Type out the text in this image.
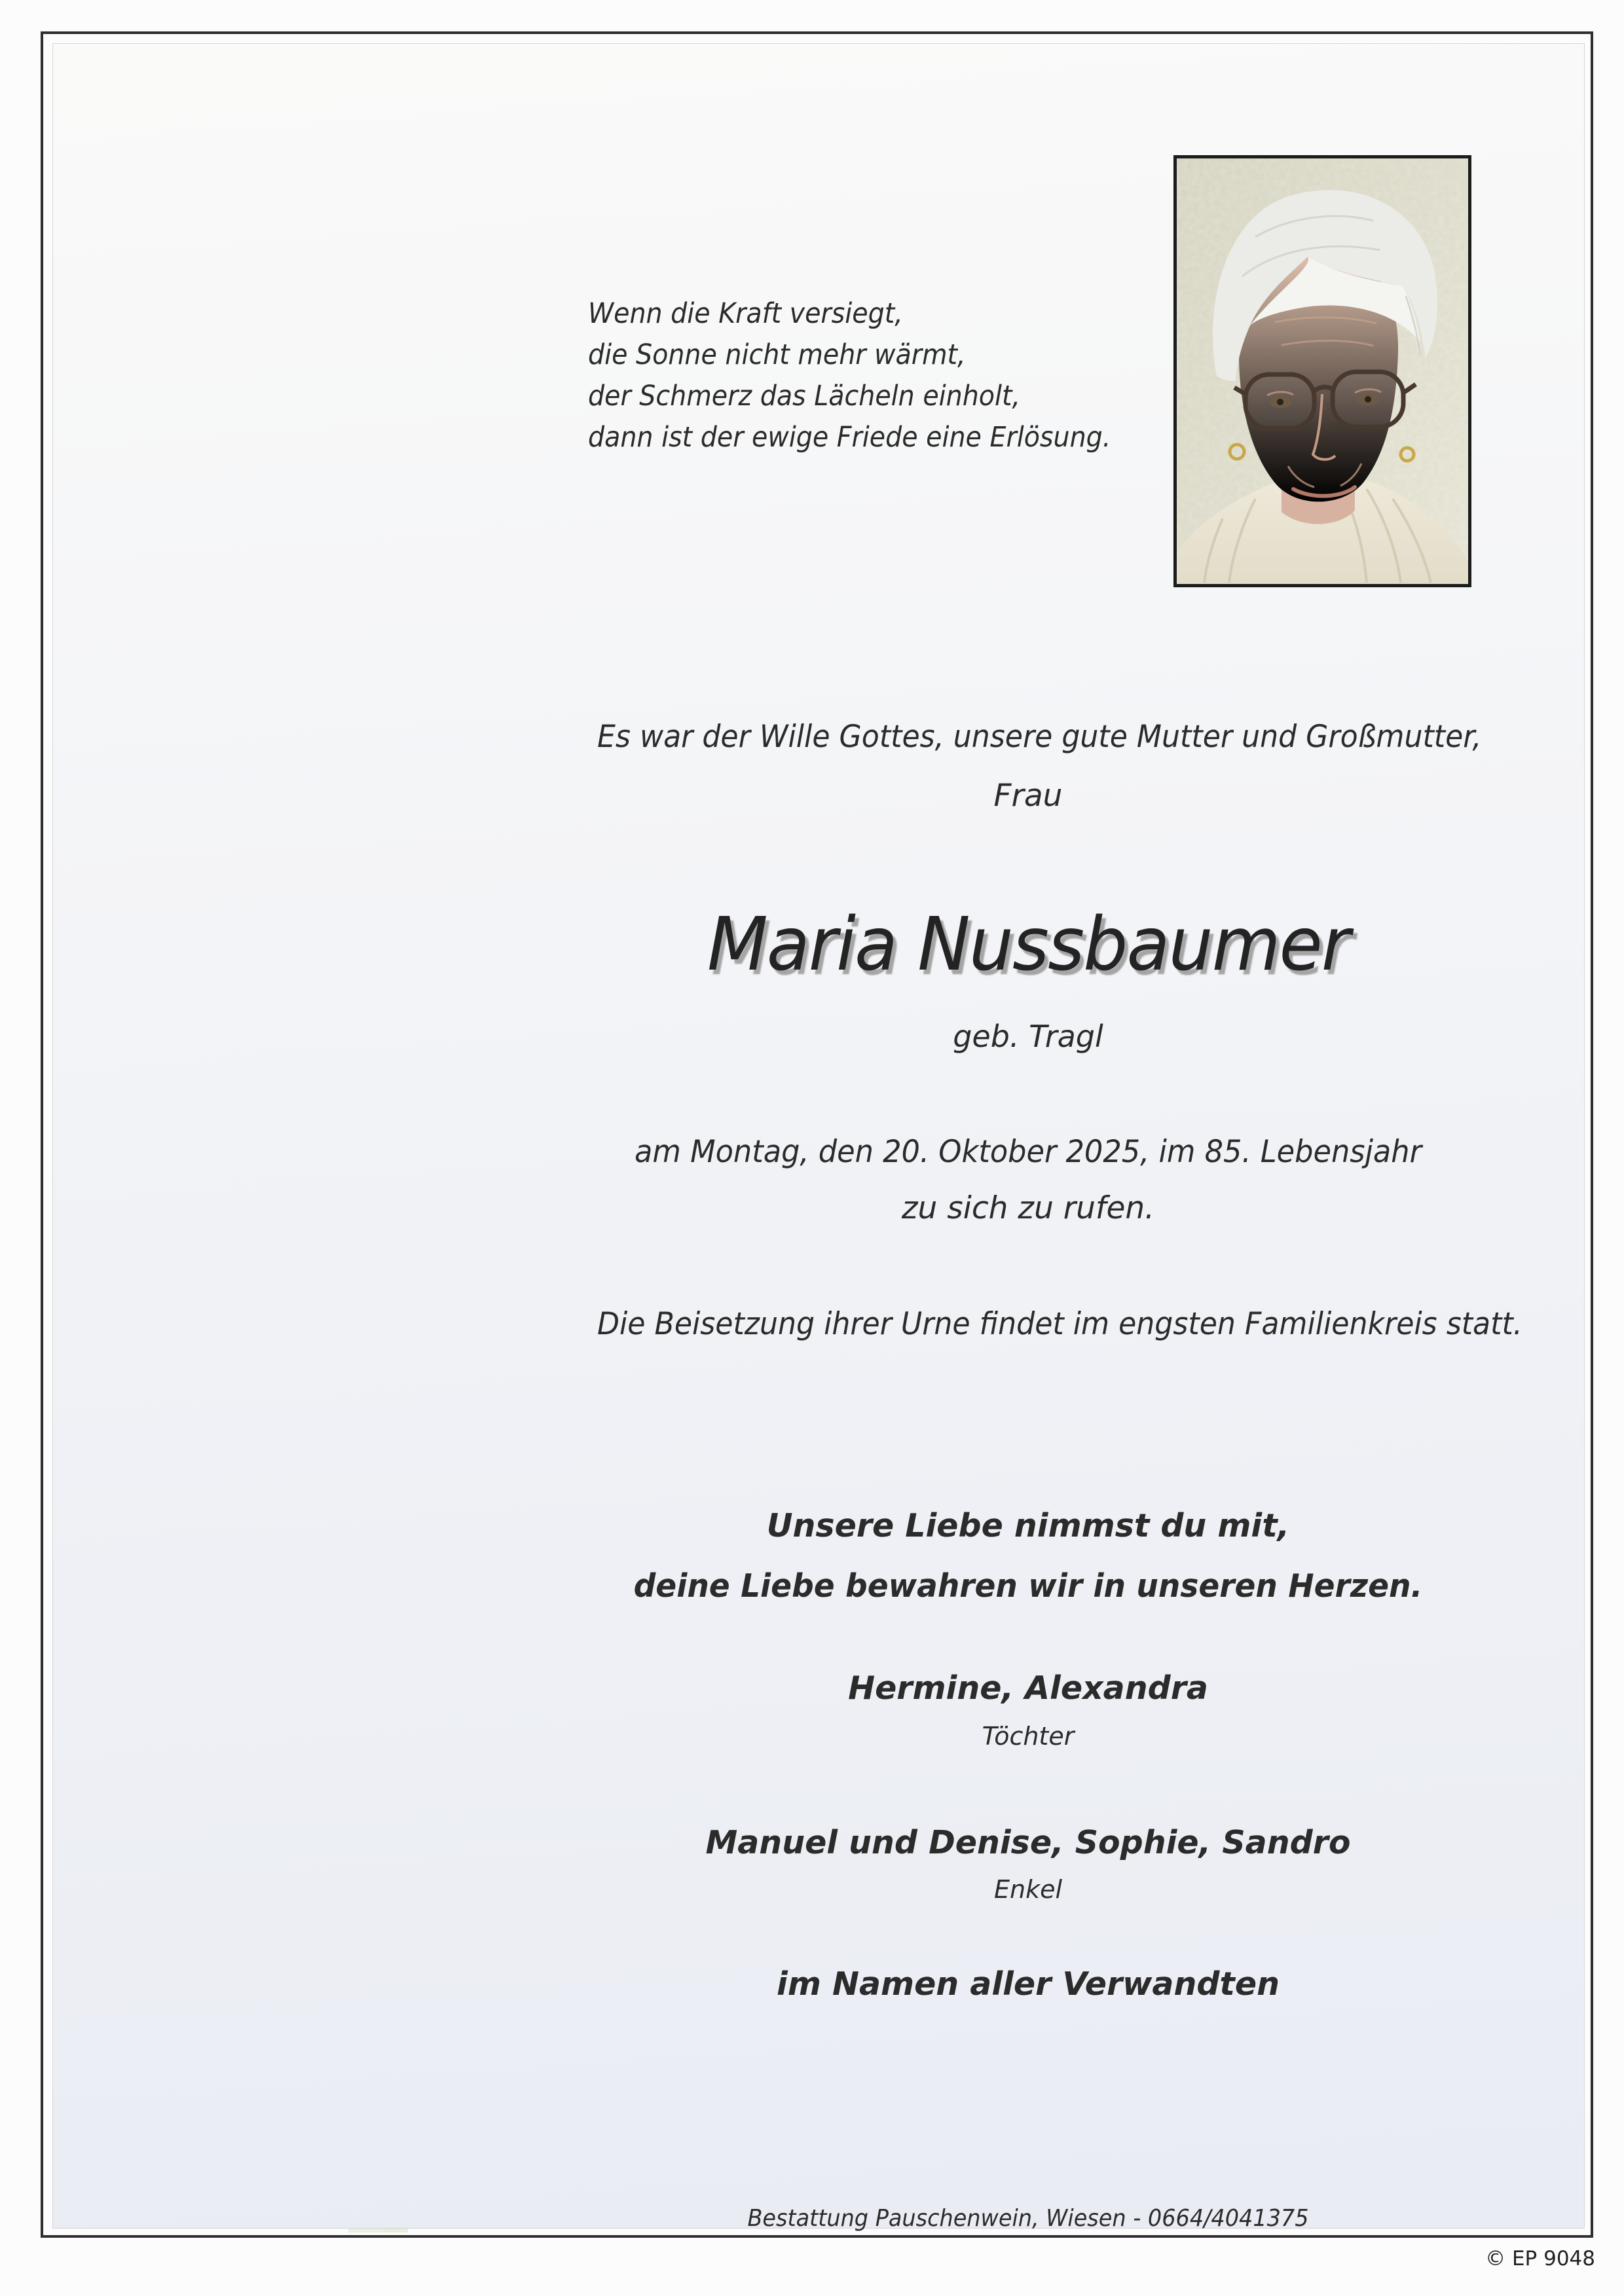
Wenn die Kraft versiegt,
die Sonne nicht mehr wärmt,
der Schmerz das Lächeln einholt,
dann ist der ewige Friede eine Erlösung.
Es war der Wille Gottes, unsere gute Mutter und Großmutter,
Frau
Maria Nussbaumer
geb. Tragl
am Montag, den 20. Oktober 2025, im 85. Lebensjahr
zu sich zu rufen.
Die Beisetzung ihrer Urne findet im engsten Familienkreis statt.
Unsere Liebe nimmst du mit,
deine Liebe bewahren wir in unseren Herzen.
Hermine, Alexandra
Töchter
Manuel und Denise, Sophie, Sandro
Enkel
im Namen aller Verwandten
Bestattung Pauschenwein, Wiesen - 0664/4041375
© EP 9048
